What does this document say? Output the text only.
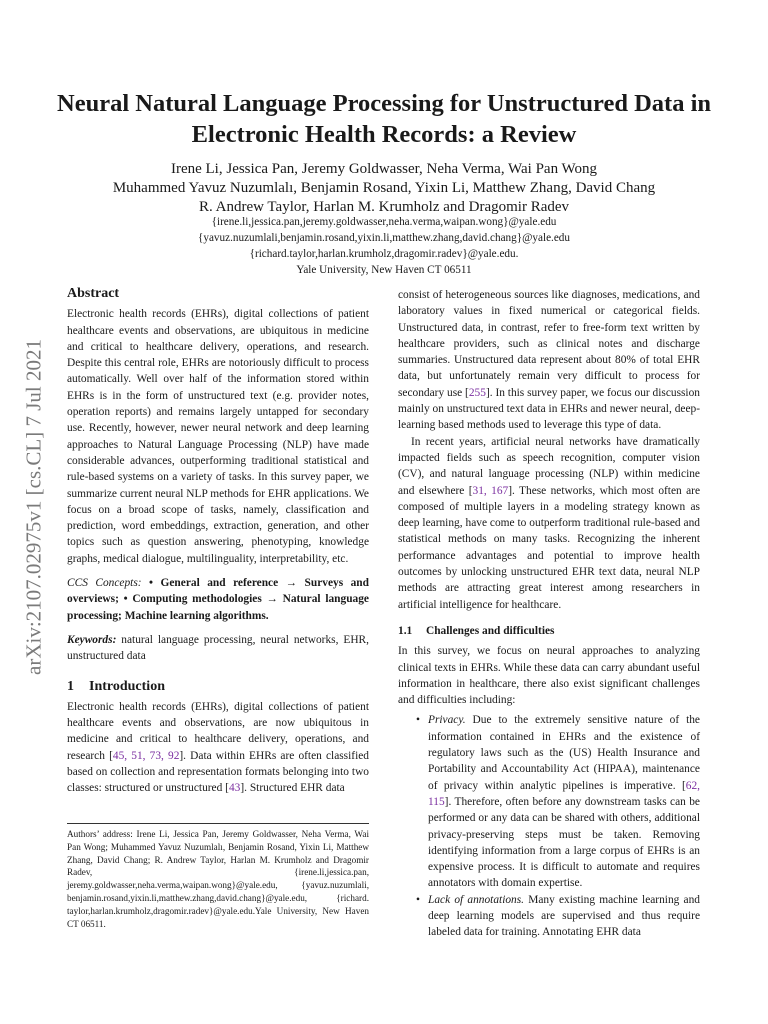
Neural Natural Language Processing for Unstructured Data in Electronic Health Records: a Review
Irene Li, Jessica Pan, Jeremy Goldwasser, Neha Verma, Wai Pan Wong
Muhammed Yavuz Nuzumlalı, Benjamin Rosand, Yixin Li, Matthew Zhang, David Chang
R. Andrew Taylor, Harlan M. Krumholz and Dragomir Radev
{irene.li,jessica.pan,jeremy.goldwasser,neha.verma,waipan.wong}@yale.edu
{yavuz.nuzumlali,benjamin.rosand,yixin.li,matthew.zhang,david.chang}@yale.edu
{richard.taylor,harlan.krumholz,dragomir.radev}@yale.edu.
Yale University, New Haven CT 06511
arXiv:2107.02975v1 [cs.CL] 7 Jul 2021
Abstract

Electronic health records (EHRs), digital collections of patient healthcare events and observations, are ubiquitous in medicine and critical to healthcare delivery, operations, and research. Despite this central role, EHRs are notoriously difficult to process automatically. Well over half of the information stored within EHRs is in the form of unstructured text (e.g. provider notes, operation reports) and remains largely untapped for secondary use. Recently, however, newer neural network and deep learning approaches to Natural Language Processing (NLP) have made considerable advances, outperforming traditional statistical and rule-based systems on a variety of tasks. In this survey paper, we summarize current neural NLP methods for EHR applications. We focus on a broad scope of tasks, namely, classification and prediction, word embeddings, extraction, generation, and other topics such as question answering, phenotyping, knowledge graphs, medical dialogue, multilinguality, interpretability, etc.

CCS Concepts: • General and reference → Surveys and overviews; • Computing methodologies → Natural language processing; Machine learning algorithms.

Keywords: natural language processing, neural networks, EHR, unstructured data

1 Introduction

Electronic health records (EHRs), digital collections of patient healthcare events and observations, are now ubiquitous in medicine and critical to healthcare delivery, operations, and research [45, 51, 73, 92]. Data within EHRs are often classified based on collection and representation formats belonging into two classes: structured or unstructured [43]. Structured EHR data

consist of heterogeneous sources like diagnoses, medications, and laboratory values in fixed numerical or categorical fields. Unstructured data, in contrast, refer to free-form text written by healthcare providers, such as clinical notes and discharge summaries. Unstructured data represent about 80% of total EHR data, but unfortunately remain very difficult to process for secondary use [255]. In this survey paper, we focus our discussion mainly on unstructured text data in EHRs and newer neural, deep-learning based methods used to leverage this type of data.

In recent years, artificial neural networks have dramatically impacted fields such as speech recognition, computer vision (CV), and natural language processing (NLP) within medicine and elsewhere [31, 167]. These networks, which most often are composed of multiple layers in a modeling strategy known as deep learning, have come to outperform traditional rule-based and statistical methods on many tasks. Recognizing the inherent performance advantages and potential to improve health outcomes by unlocking unstructured EHR text data, neural NLP methods are attracting great interest among researchers in artificial intelligence for healthcare.

1.1 Challenges and difficulties

In this survey, we focus on neural approaches to analyzing clinical texts in EHRs. While these data can carry abundant useful information in healthcare, there also exist significant challenges and difficulties including:

• Privacy. Due to the extremely sensitive nature of the information contained in EHRs and the existence of regulatory laws such as the (US) Health Insurance and Portability and Accountability Act (HIPAA), maintenance of privacy within analytic pipelines is imperative. [62, 115]. Therefore, often before any downstream tasks can be performed or any data can be shared with others, additional privacy-preserving steps must be taken. Removing identifying information from a large corpus of EHRs is an expensive process. It is difficult to automate and requires annotators with domain expertise.
• Lack of annotations. Many existing machine learning and deep learning models are supervised and thus require labeled data for training. Annotating EHR data
Authors’ address: Irene Li, Jessica Pan, Jeremy Goldwasser, Neha Verma, Wai Pan Wong; Muhammed Yavuz Nuzumlalı, Benjamin Rosand, Yixin Li, Matthew Zhang, David Chang; R. Andrew Taylor, Harlan M. Krumholz and Dragomir Radev, {irene.li,jessica.pan, jeremy.goldwasser,neha.verma,waipan.wong}@yale.edu, {yavuz.nuzumlali, benjamin.rosand,yixin.li,matthew.zhang,david.chang}@yale.edu, {richard. taylor,harlan.krumholz,dragomir.radev}@yale.edu.Yale University, New Haven CT 06511.
